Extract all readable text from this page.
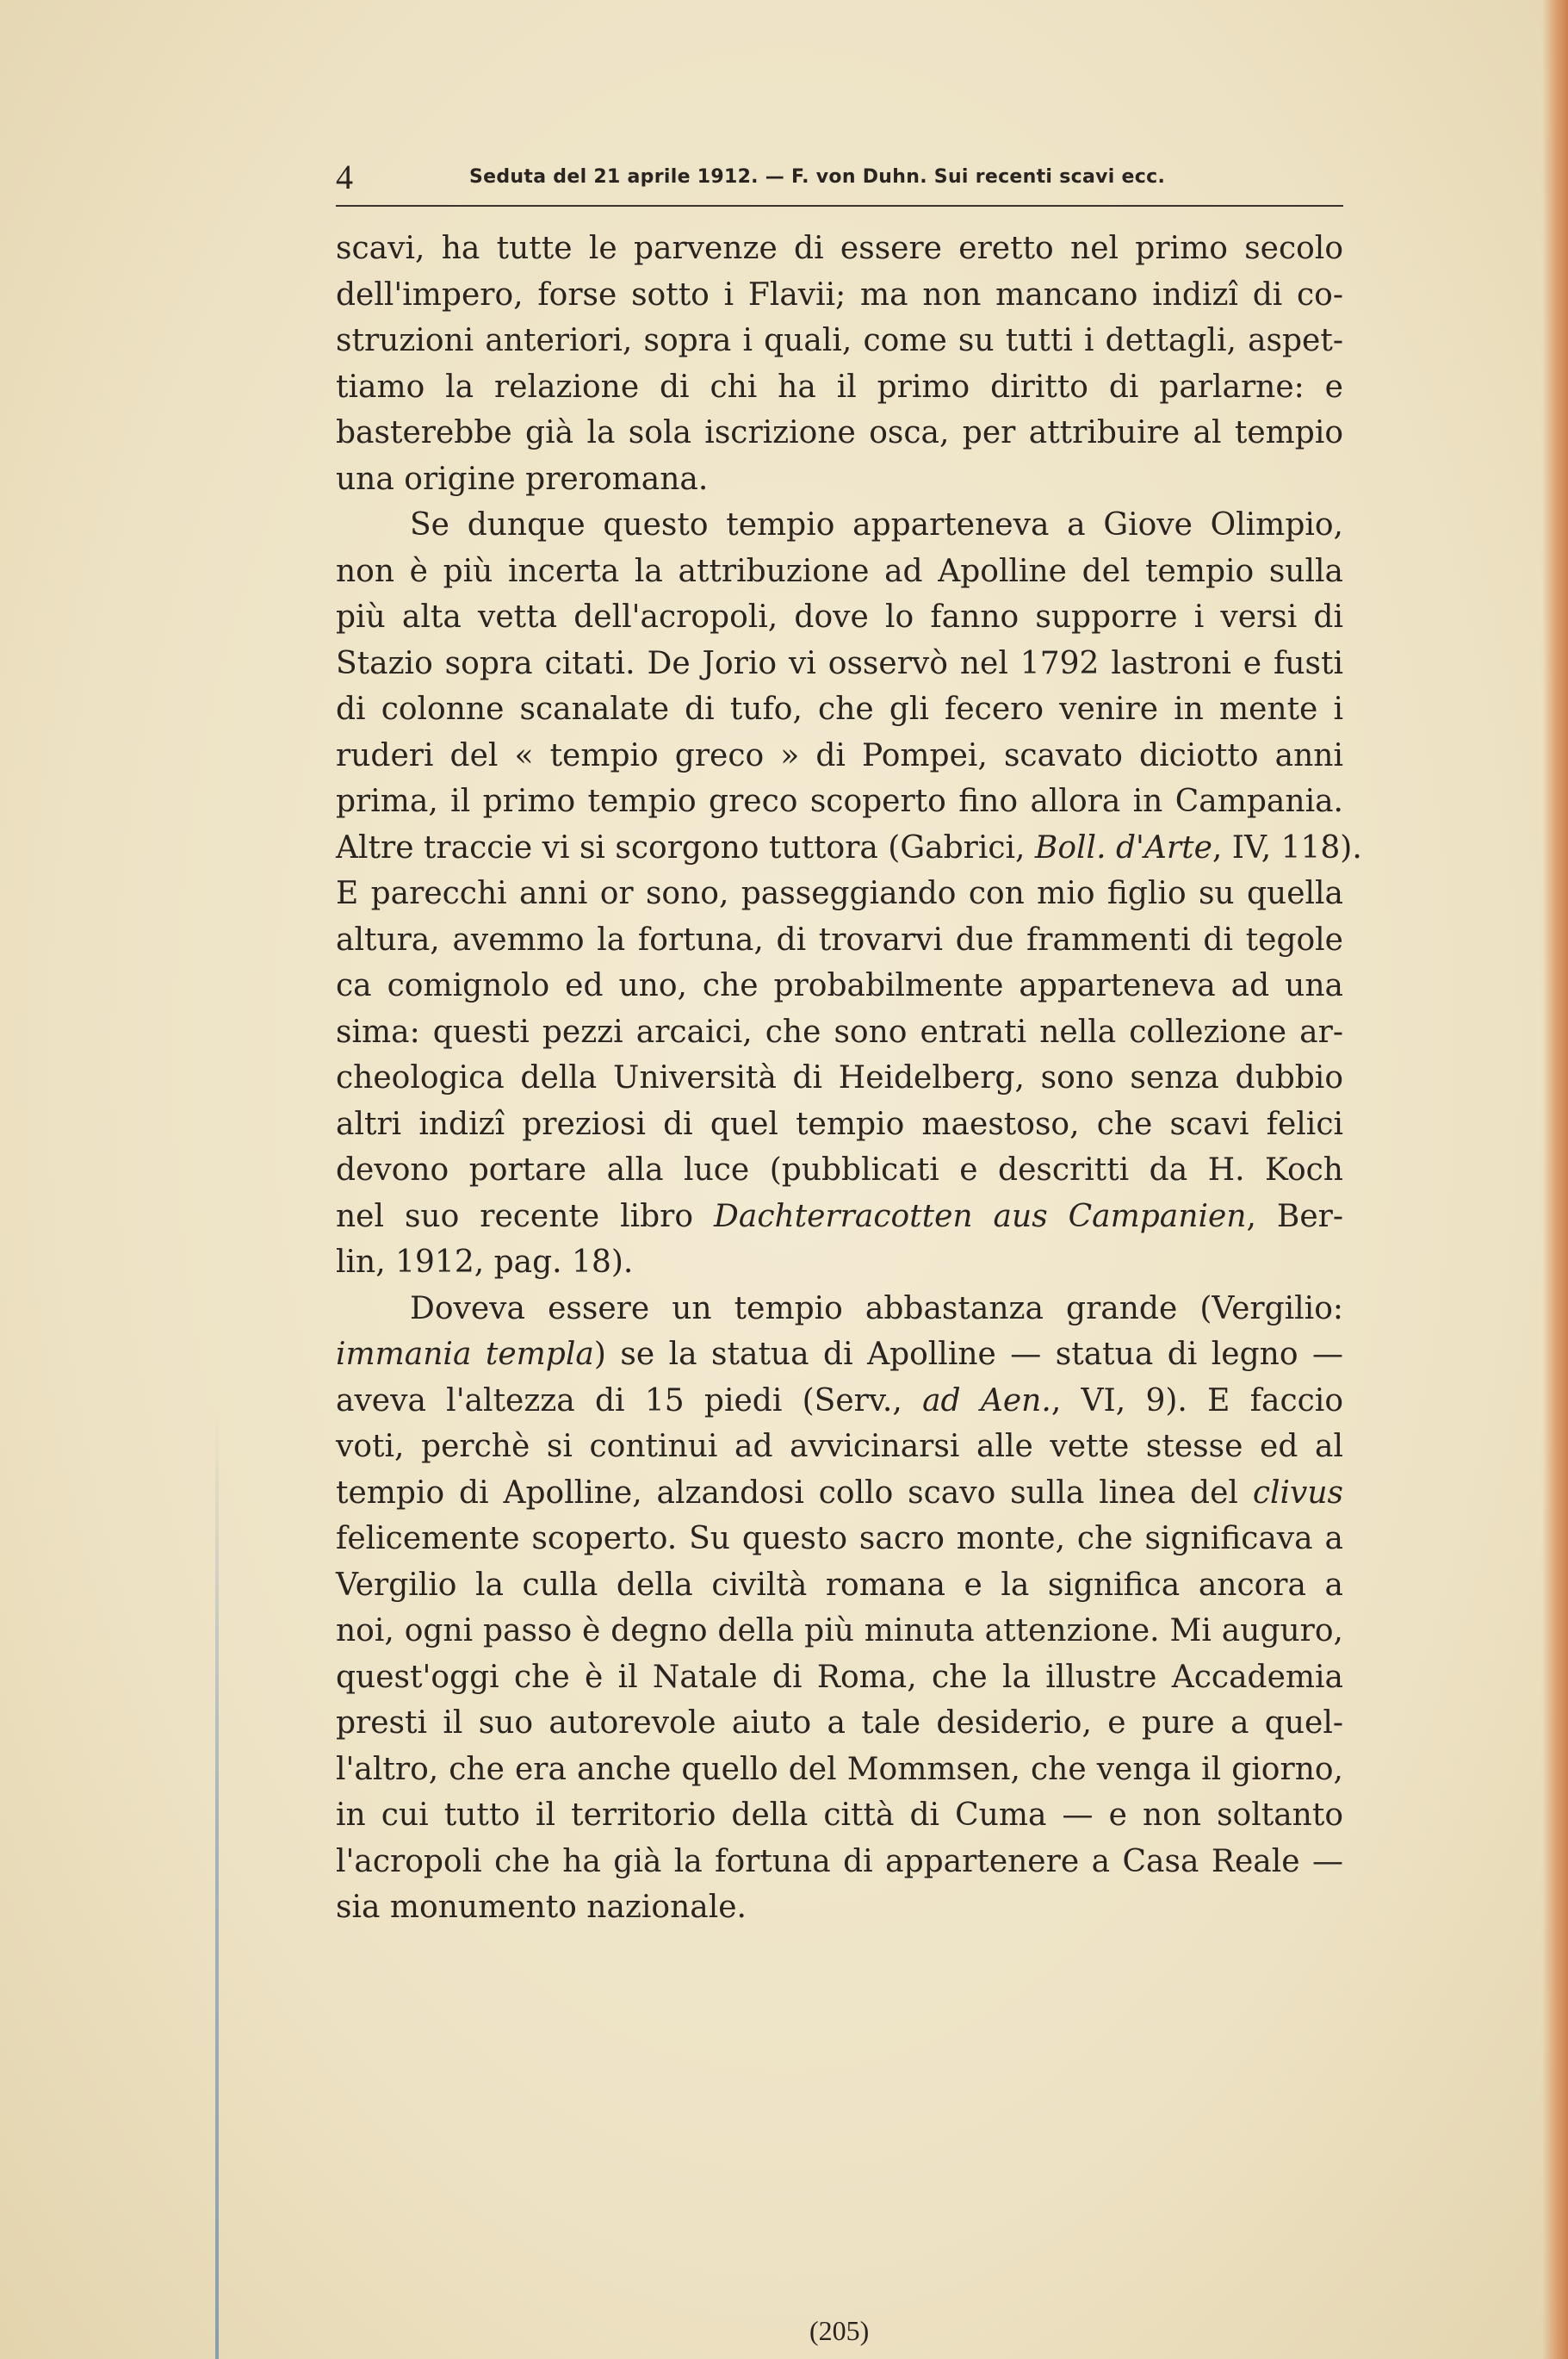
4	Seduta del 21 aprile 1912. — F. von Duhn. Sui recenti scavi ecc.
scavi, ha tutte le parvenze di essere eretto nel primo secolo
dell'impero, forse sotto i Flavii; ma non mancano indizî di co-
struzioni anteriori, sopra i quali, come su tutti i dettagli, aspet-
tiamo la relazione di chi ha il primo diritto di parlarne: e
basterebbe già la sola iscrizione osca, per attribuire al tempio
una origine preromana.
Se dunque questo tempio apparteneva a Giove Olimpio,
non è più incerta la attribuzione ad Apolline del tempio sulla
più alta vetta dell'acropoli, dove lo fanno supporre i versi di
Stazio sopra citati. De Jorio vi osservò nel 1792 lastroni e fusti
di colonne scanalate di tufo, che gli fecero venire in mente i
ruderi del « tempio greco » di Pompei, scavato diciotto anni
prima, il primo tempio greco scoperto fino allora in Campania.
Altre traccie vi si scorgono tuttora (Gabrici, Boll. d'Arte, IV, 118).
E parecchi anni or sono, passeggiando con mio figlio su quella
altura, avemmo la fortuna, di trovarvi due frammenti di tegole
ca comignolo ed uno, che probabilmente apparteneva ad una
sima: questi pezzi arcaici, che sono entrati nella collezione ar-
cheologica della Università di Heidelberg, sono senza dubbio
altri indizî preziosi di quel tempio maestoso, che scavi felici
devono portare alla luce (pubblicati e descritti da H. Koch
nel suo recente libro Dachterracotten aus Campanien, Ber-
lin, 1912, pag. 18).
Doveva essere un tempio abbastanza grande (Vergilio:
immania templa) se la statua di Apolline — statua di legno —
aveva l'altezza di 15 piedi (Serv., ad Aen., VI, 9). E faccio
voti, perchè si continui ad avvicinarsi alle vette stesse ed al
tempio di Apolline, alzandosi collo scavo sulla linea del clivus
felicemente scoperto. Su questo sacro monte, che significava a
Vergilio la culla della civiltà romana e la significa ancora a
noi, ogni passo è degno della più minuta attenzione. Mi auguro,
quest'oggi che è il Natale di Roma, che la illustre Accademia
presti il suo autorevole aiuto a tale desiderio, e pure a quel-
l'altro, che era anche quello del Mommsen, che venga il giorno,
in cui tutto il territorio della città di Cuma — e non soltanto
l'acropoli che ha già la fortuna di appartenere a Casa Reale —
sia monumento nazionale.
(205)
